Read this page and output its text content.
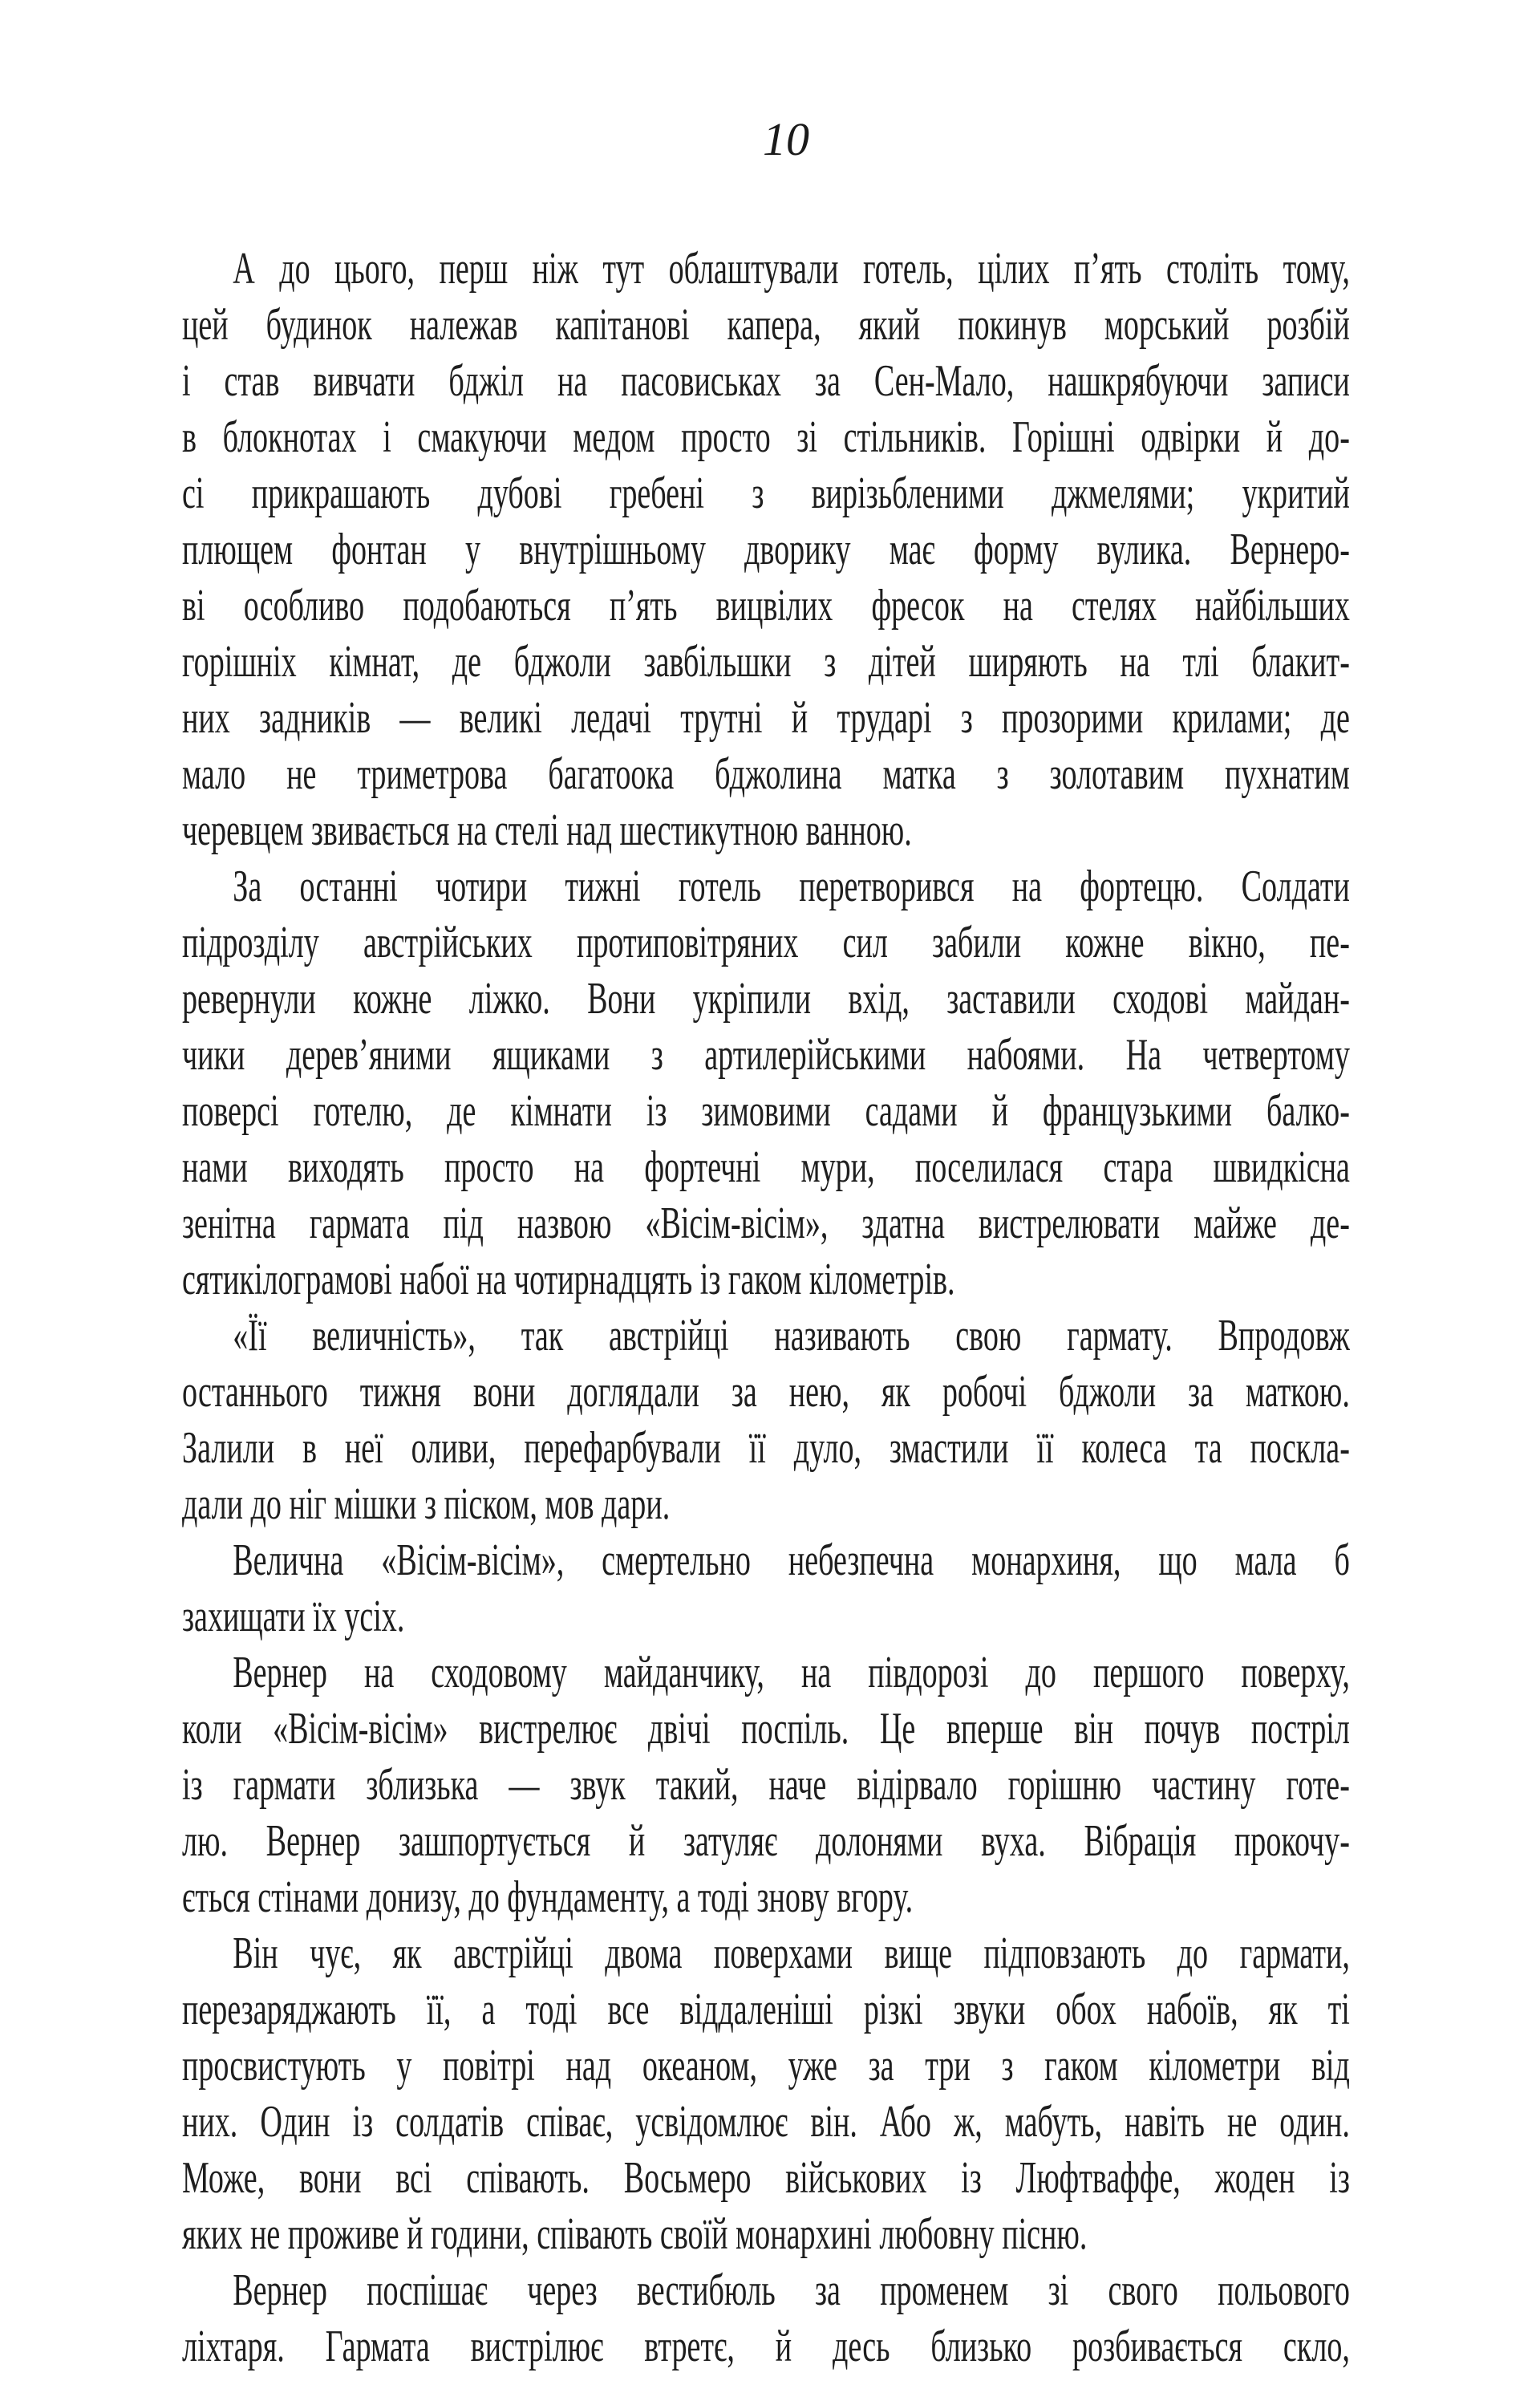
10
А до цього, перш ніж тут облаштували готель, цілих п’ять століть тому,
цей будинок належав капітанові капера, який покинув морський розбій
і став вивчати бджіл на пасовиськах за Сен-Мало, нашкрябуючи записи
в блокнотах і смакуючи медом просто зі стільників. Горішні одвірки й до-
сі прикрашають дубові гребені з вирізьбленими джмелями; укритий
плющем фонтан у внутрішньому дворику має форму вулика. Вернеро-
ві особливо подобаються п’ять вицвілих фресок на стелях найбільших
горішніх кімнат, де бджоли завбільшки з дітей ширяють на тлі блакит-
них задників — великі ледачі трутні й трударі з прозорими крилами; де
мало не триметрова багатоока бджолина матка з золотавим пухнатим
черевцем звивається на стелі над шестикутною ванною.
За останні чотири тижні готель перетворився на фортецю. Солдати
підрозділу австрійських протиповітряних сил забили кожне вікно, пе-
ревернули кожне ліжко. Вони укріпили вхід, заставили сходові майдан-
чики дерев’яними ящиками з артилерійськими набоями. На четвертому
поверсі готелю, де кімнати із зимовими садами й французькими балко-
нами виходять просто на фортечні мури, поселилася стара швидкісна
зенітна гармата під назвою «Вісім-вісім», здатна вистрелювати майже де-
сятикілограмові набої на чотирнадцять із гаком кілометрів.
«Її величність», так австрійці називають свою гармату. Впродовж
останнього тижня вони доглядали за нею, як робочі бджоли за маткою.
Залили в неї оливи, перефарбували її дуло, змастили її колеса та поскла-
дали до ніг мішки з піском, мов дари.
Велична «Вісім-вісім», смертельно небезпечна монархиня, що мала б
захищати їх усіх.
Вернер на сходовому майданчику, на півдорозі до першого поверху,
коли «Вісім-вісім» вистрелює двічі поспіль. Це вперше він почув постріл
із гармати зблизька — звук такий, наче відірвало горішню частину готе-
лю. Вернер зашпортується й затуляє долонями вуха. Вібрація прокочу-
ється стінами донизу, до фундаменту, а тоді знову вгору.
Він чує, як австрійці двома поверхами вище підповзають до гармати,
перезаряджають її, а тоді все віддаленіші різкі звуки обох набоїв, як ті
просвистують у повітрі над океаном, уже за три з гаком кілометри від
них. Один із солдатів співає, усвідомлює він. Або ж, мабуть, навіть не один.
Може, вони всі співають. Восьмеро військових із Люфтваффе, жоден із
яких не проживе й години, співають своїй монархині любовну пісню.
Вернер поспішає через вестибюль за променем зі свого польового
ліхтаря. Гармата вистрілює втретє, й десь близько розбивається скло,
